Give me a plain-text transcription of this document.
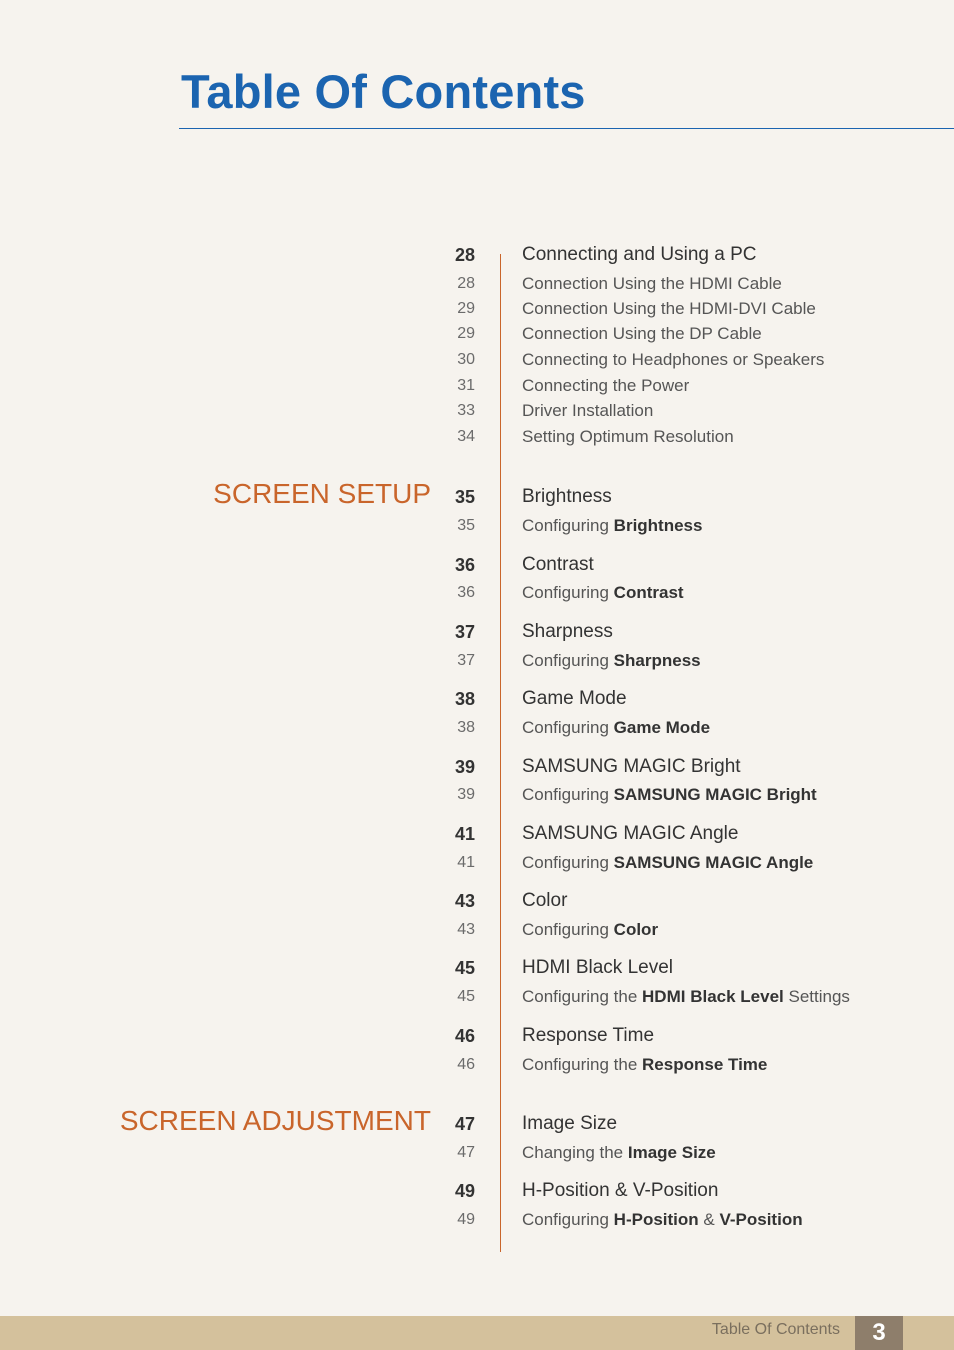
Table Of Contents
SCREEN SETUP
SCREEN ADJUSTMENT
28 Connecting and Using a PC
28	Connection Using the HDMI Cable
29	Connection Using the HDMI-DVI Cable
29	Connection Using the DP Cable
30	Connecting to Headphones or Speakers
31	Connecting the Power
33	Driver Installation
34	Setting Optimum Resolution
35 Brightness
35	Configuring Brightness
36 Contrast
36	Configuring Contrast
37 Sharpness
37	Configuring Sharpness
38 Game Mode
38	Configuring Game Mode
39 SAMSUNG MAGIC Bright
39	Configuring SAMSUNG MAGIC Bright
41 SAMSUNG MAGIC Angle
41	Configuring SAMSUNG MAGIC Angle
43 Color
43	Configuring Color
45 HDMI Black Level
45	Configuring the HDMI Black Level Settings
46 Response Time
46	Configuring the Response Time
47 Image Size
47	Changing the Image Size
49 H-Position & V-Position
49	Configuring H-Position & V-Position
Table Of Contents	3
